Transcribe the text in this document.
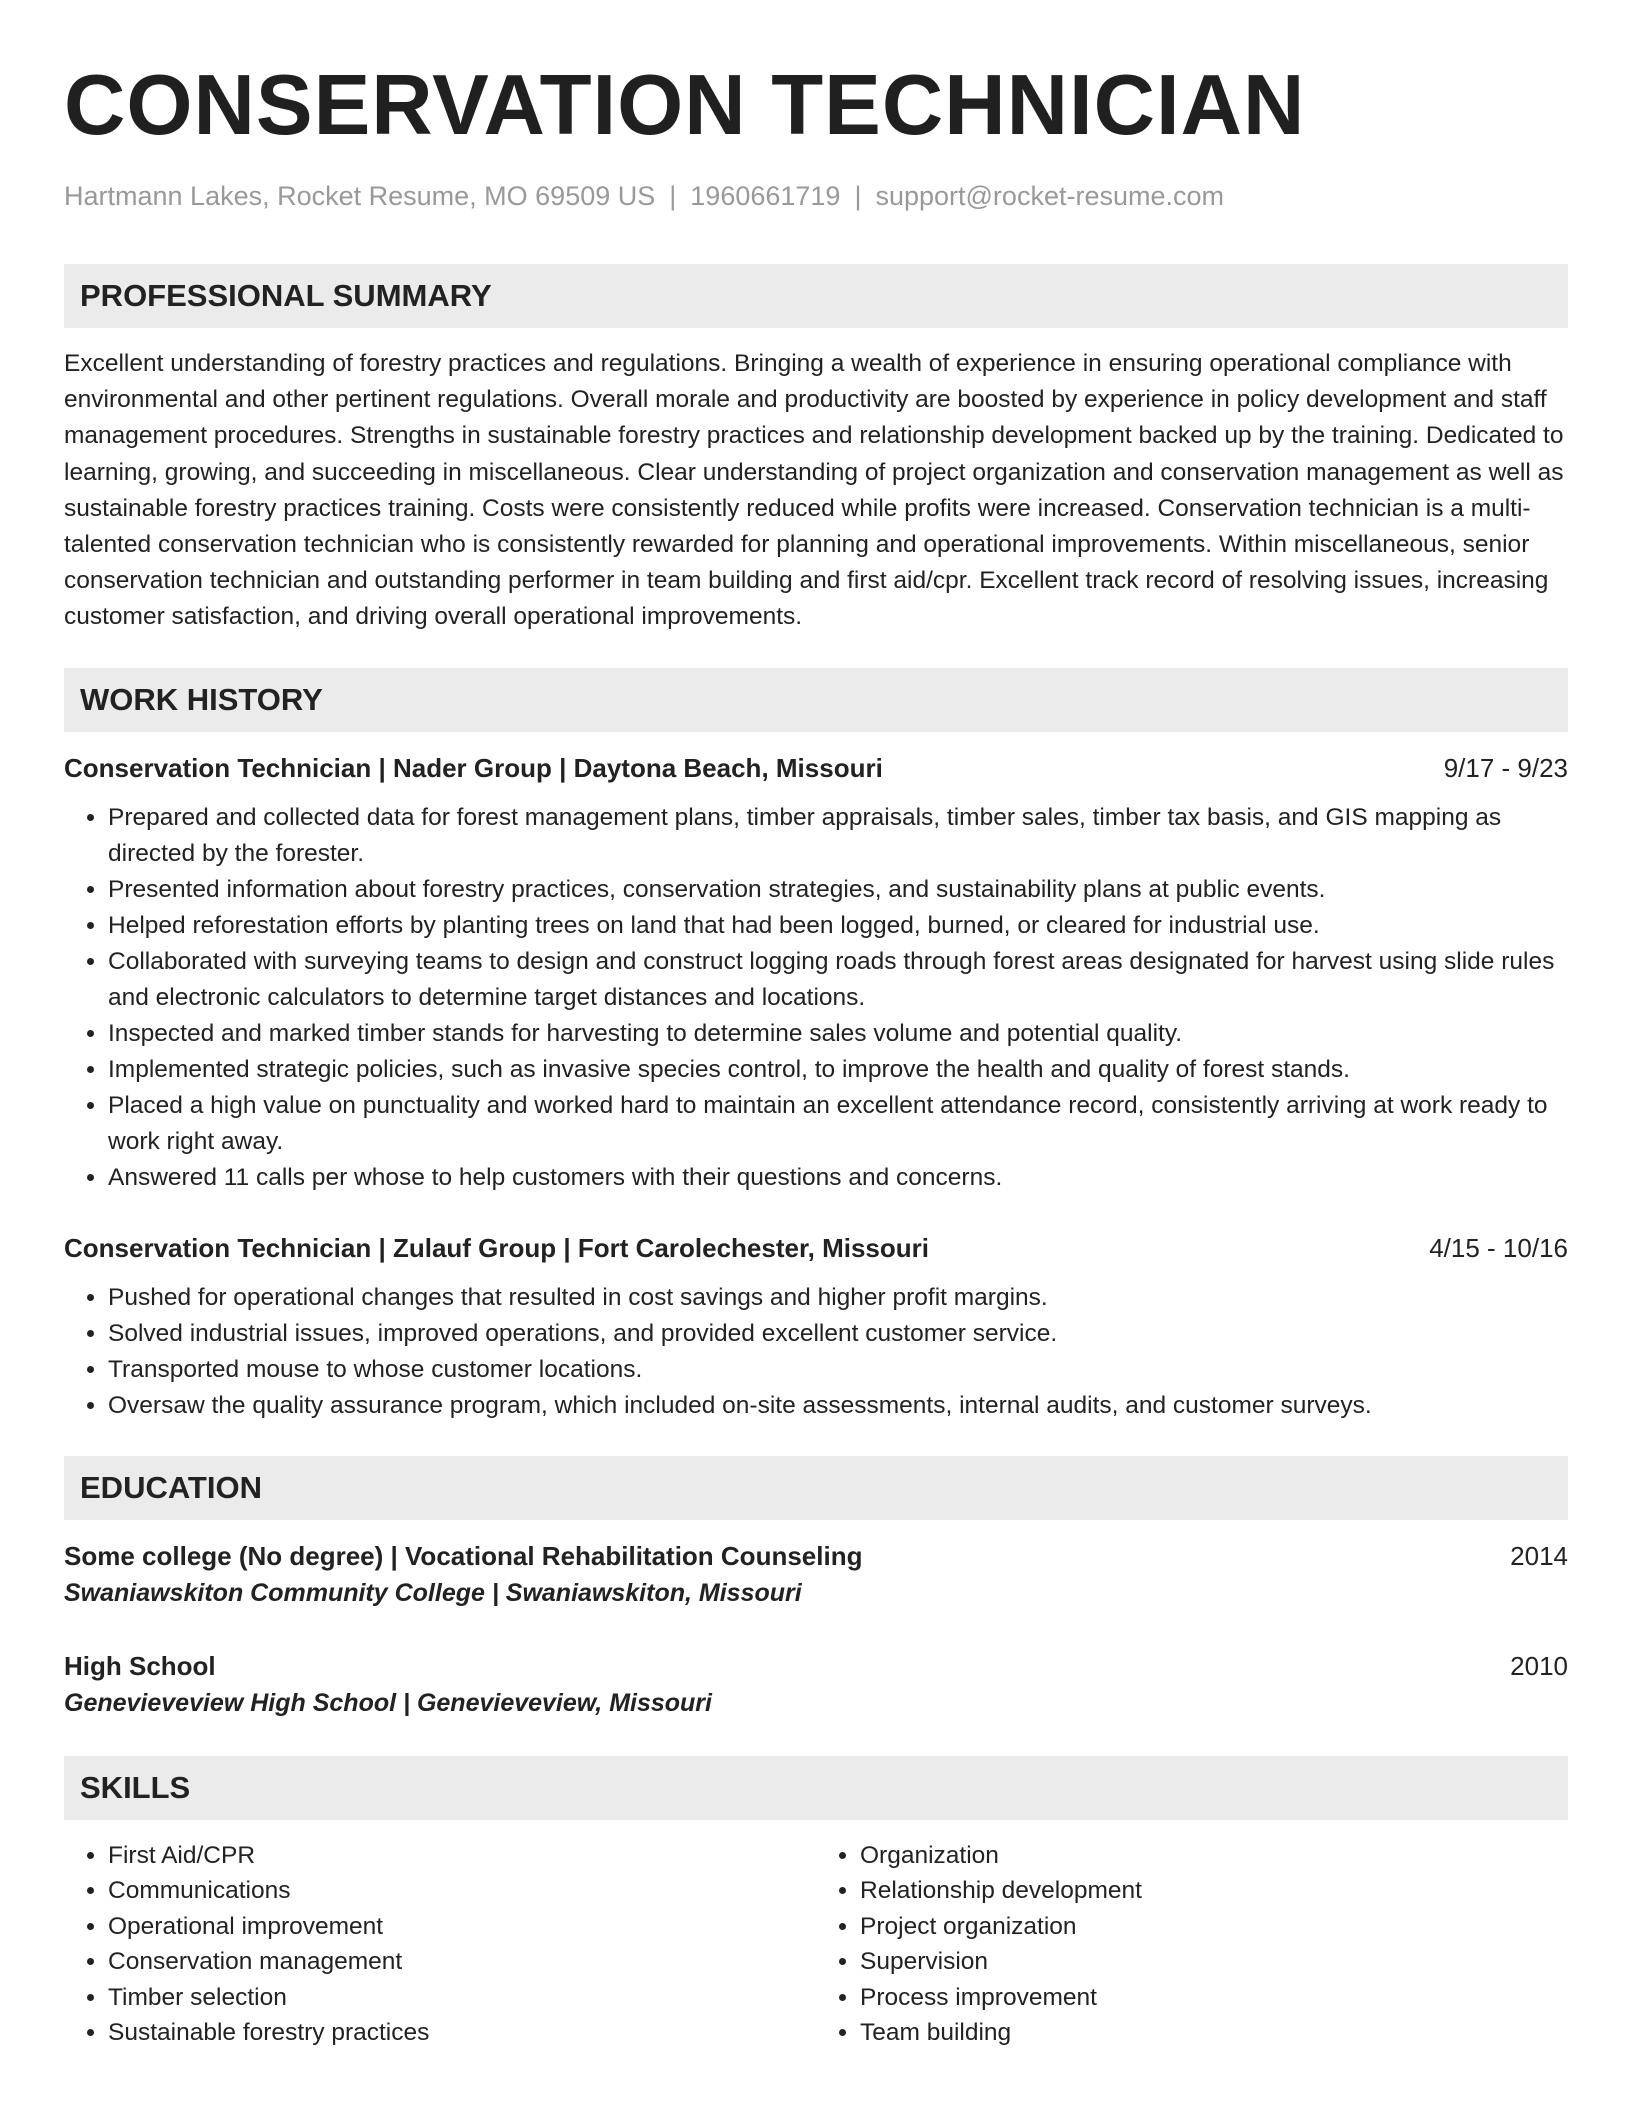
CONSERVATION TECHNICIAN
Hartmann Lakes, Rocket Resume, MO 69509 US | 1960661719 | support@rocket-resume.com
PROFESSIONAL SUMMARY
Excellent understanding of forestry practices and regulations. Bringing a wealth of experience in ensuring operational compliance with environmental and other pertinent regulations. Overall morale and productivity are boosted by experience in policy development and staff management procedures. Strengths in sustainable forestry practices and relationship development backed up by the training. Dedicated to learning, growing, and succeeding in miscellaneous. Clear understanding of project organization and conservation management as well as sustainable forestry practices training. Costs were consistently reduced while profits were increased. Conservation technician is a multi-talented conservation technician who is consistently rewarded for planning and operational improvements. Within miscellaneous, senior conservation technician and outstanding performer in team building and first aid/cpr. Excellent track record of resolving issues, increasing customer satisfaction, and driving overall operational improvements.
WORK HISTORY
Conservation Technician | Nader Group | Daytona Beach, Missouri	9/17 - 9/23
• Prepared and collected data for forest management plans, timber appraisals, timber sales, timber tax basis, and GIS mapping as directed by the forester.
• Presented information about forestry practices, conservation strategies, and sustainability plans at public events.
• Helped reforestation efforts by planting trees on land that had been logged, burned, or cleared for industrial use.
• Collaborated with surveying teams to design and construct logging roads through forest areas designated for harvest using slide rules and electronic calculators to determine target distances and locations.
• Inspected and marked timber stands for harvesting to determine sales volume and potential quality.
• Implemented strategic policies, such as invasive species control, to improve the health and quality of forest stands.
• Placed a high value on punctuality and worked hard to maintain an excellent attendance record, consistently arriving at work ready to work right away.
• Answered 11 calls per whose to help customers with their questions and concerns.
Conservation Technician | Zulauf Group | Fort Carolechester, Missouri	4/15 - 10/16
• Pushed for operational changes that resulted in cost savings and higher profit margins.
• Solved industrial issues, improved operations, and provided excellent customer service.
• Transported mouse to whose customer locations.
• Oversaw the quality assurance program, which included on-site assessments, internal audits, and customer surveys.
EDUCATION
Some college (No degree) | Vocational Rehabilitation Counseling	2014
Swaniawskiton Community College | Swaniawskiton, Missouri
High School	2010
Genevieveview High School | Genevieveview, Missouri
SKILLS
• First Aid/CPR
• Communications
• Operational improvement
• Conservation management
• Timber selection
• Sustainable forestry practices
• Organization
• Relationship development
• Project organization
• Supervision
• Process improvement
• Team building
